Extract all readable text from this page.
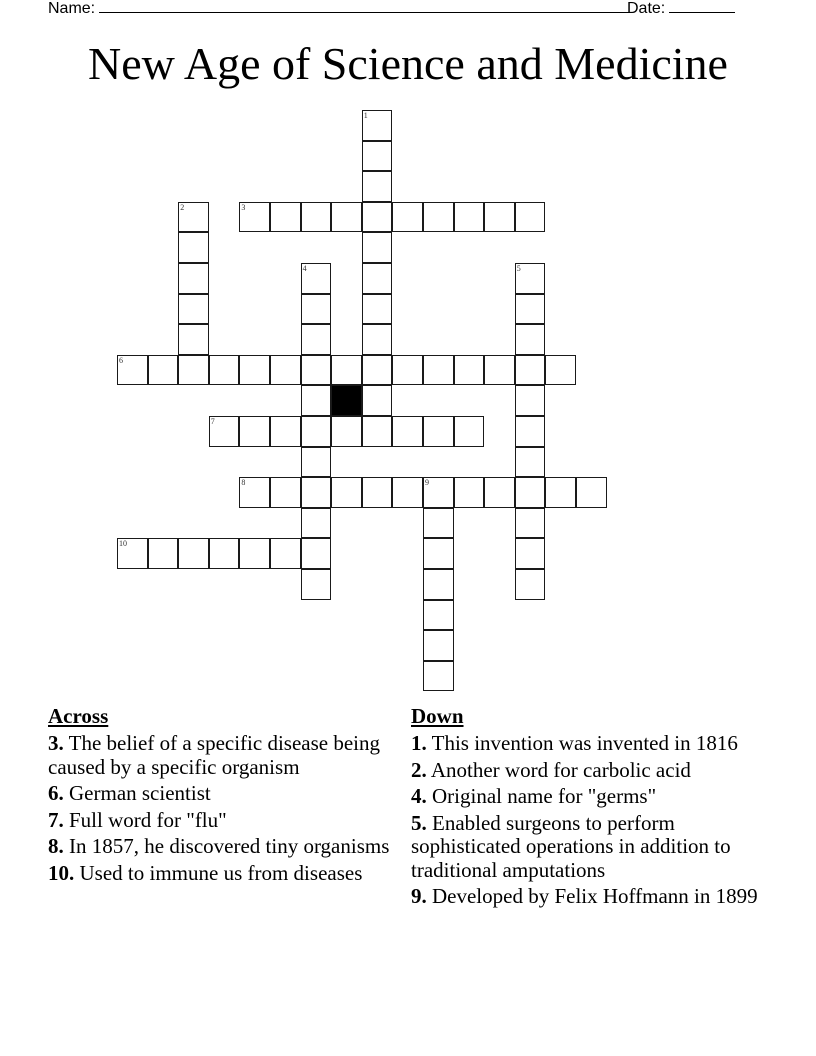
Name:	Date:
New Age of Science and Medicine
1
2	3
4	5
6
7
8	9
10
Across
3. The belief of a specific disease being caused by a specific organism
6. German scientist
7. Full word for "flu"
8. In 1857, he discovered tiny organisms
10. Used to immune us from diseases
Down
1. This invention was invented in 1816
2. Another word for carbolic acid
4. Original name for "germs"
5. Enabled surgeons to perform sophisticated operations in addition to traditional amputations
9. Developed by Felix Hoffmann in 1899
